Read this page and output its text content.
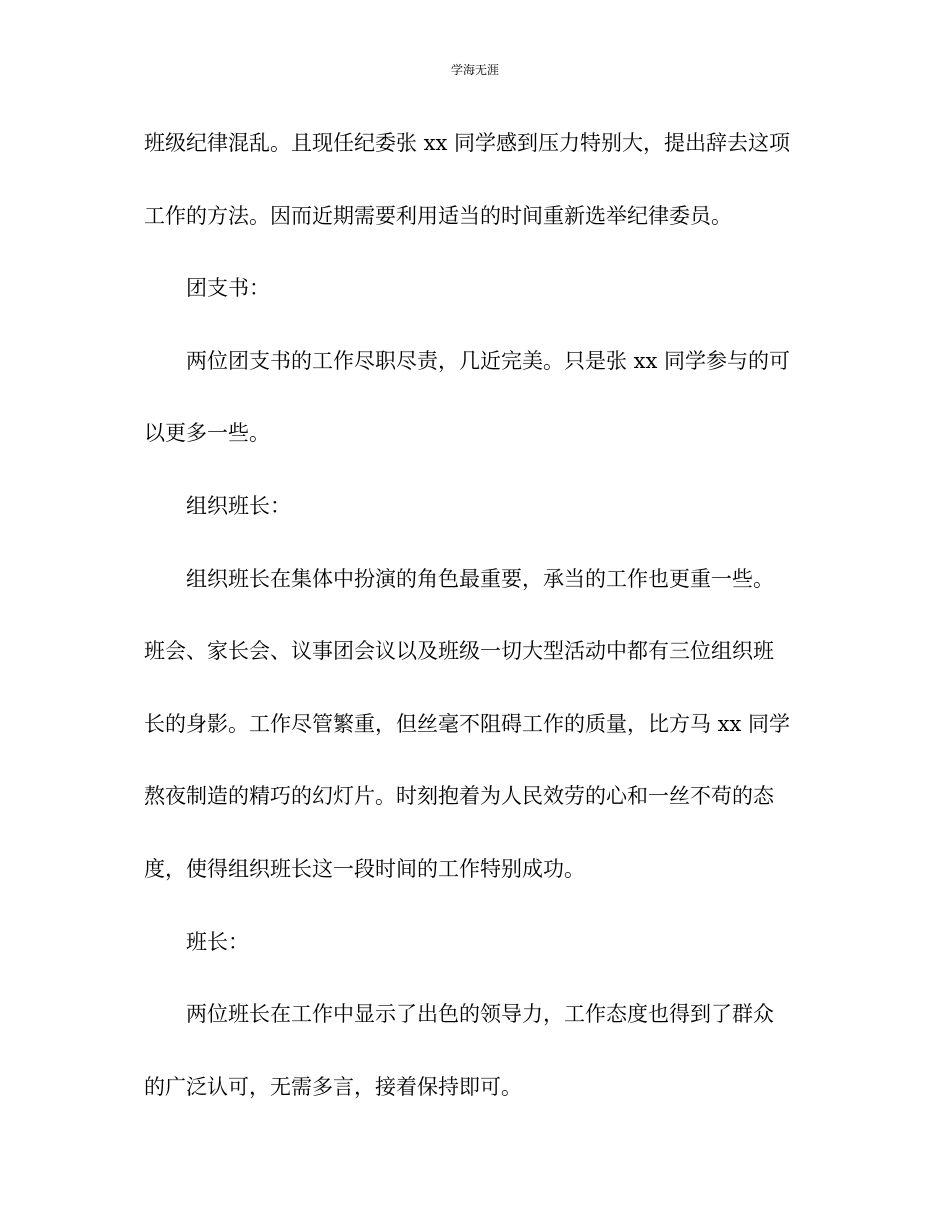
学海无涯
班级纪律混乱。且现任纪委张 xx 同学感到压力特别大，提出辞去这项
工作的方法。因而近期需要利用适当的时间重新选举纪律委员。
团支书：
两位团支书的工作尽职尽责，几近完美。只是张 xx 同学参与的可
以更多一些。
组织班长：
组织班长在集体中扮演的角色最重要，承当的工作也更重一些。
班会、家长会、议事团会议以及班级一切大型活动中都有三位组织班
长的身影。工作尽管繁重，但丝毫不阻碍工作的质量，比方马 xx 同学
熬夜制造的精巧的幻灯片。时刻抱着为人民效劳的心和一丝不苟的态
度，使得组织班长这一段时间的工作特别成功。
班长：
两位班长在工作中显示了出色的领导力，工作态度也得到了群众
的广泛认可，无需多言，接着保持即可。
